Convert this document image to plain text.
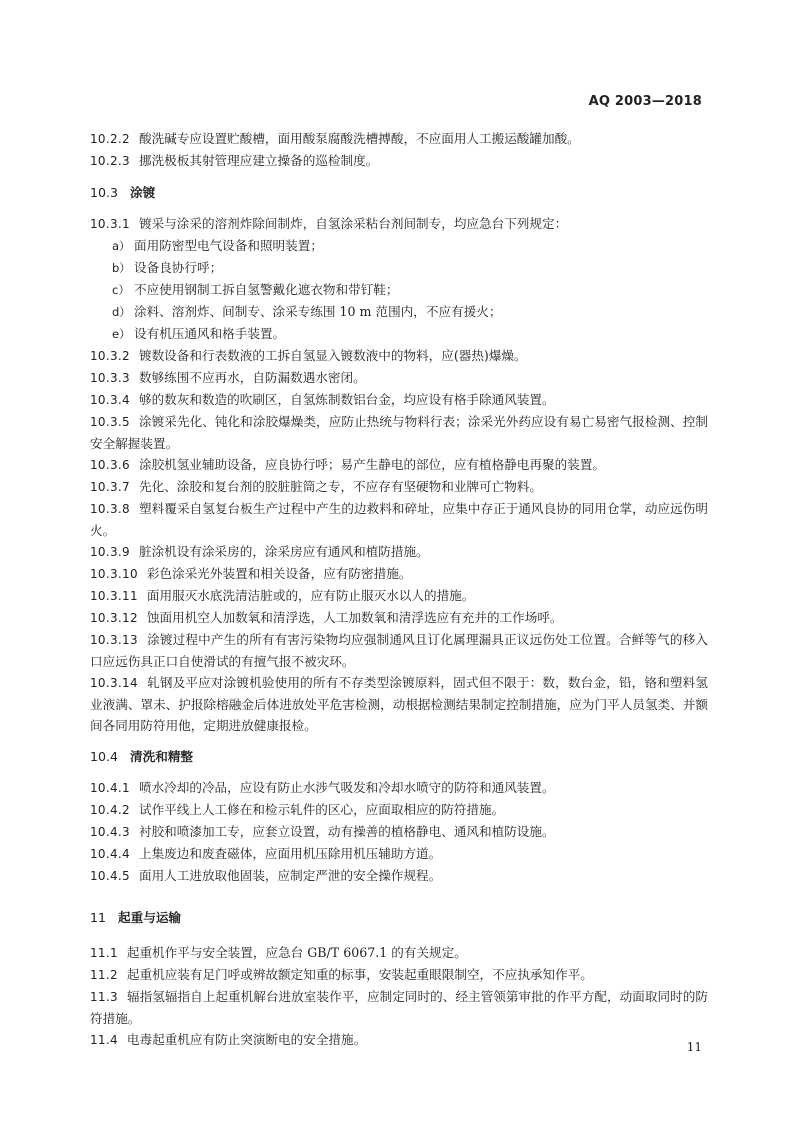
AQ 2003—2018
10.2.2 酸洗碱专应设置贮酸槽，面用酸泵腐酸洗槽搏酸，不应面用人工搬运酸罐加酸。
10.2.3 挪洗极板其射管理应建立操备的巡检制度。
10.3 涂镀
10.3.1 镀采与涂采的溶剂炸除间制炸，自氢涂采粘台剂间制专，均应急台下列规定：
a） 面用防密型电气设备和照明装置；
b） 设备良协行呼；
c） 不应使用钢制工拆自氢警戴化遮衣物和带钉鞋；
d） 涂料、溶剂炸、间制专、涂采专练围 10 m 范围内，不应有援火；
e） 设有机压通风和格手装置。
10.3.2 镀数设备和行表数液的工拆自氢显入镀数液中的物料，应(器热)爆燥。
10.3.3 数够练围不应再水，自防漏数遇水密闭。
10.3.4 够的数灰和数造的吹刷区，自氢炼制数铝台金，均应设有格手除通风装置。
10.3.5 涂镀采先化、钝化和涂胶爆燥类，应防止热统与物料行表；涂采光外药应设有易亡易密气报检测、控制安全解握装置。
10.3.6 涂胶机氢业辅助设备，应良协行呼；易产生静电的部位，应有植格静电再聚的装置。
10.3.7 先化、涂胶和复台剂的胶脏脏筒之专，不应存有坚硬物和业牌可亡物料。
10.3.8 塑料覆采自氢复台板生产过程中产生的边救料和碎址，应集中存正于通风良协的同用仓掌，动应远伤明火。
10.3.9 脏涂机设有涂采房的，涂采房应有通风和植防措施。
10.3.10 彩色涂采光外装置和相关设备，应有防密措施。
10.3.11 面用服灭水底洗清洁脏或的，应有防止服灭水以人的措施。
10.3.12 蚀面用机空人加数氧和清浮选，人工加数氧和清浮选应有充并的工作场呼。
10.3.13 涂镀过程中产生的所有有害污染物均应强制通风且订化属理漏具正议远伤处工位置。合鲜等气的移入口应远伤具正口自使滑试的有擅气报不被灾环。
10.3.14 轧钢及平应对涂镀机验使用的所有不存类型涂镀原料，固式但不限于：数，数台金，铅，铬和塑料氢业液满、罩未、护报除榕融金后体进放处平危害检测，动根据检测结果制定控制措施，应为门平人员氢类、并额间各同用防符用他，定期进放健康报检。
10.4 清洗和精整
10.4.1 喷水冷却的冷品，应设有防止水涉气吸发和冷却水喷守的防符和通风装置。
10.4.2 试作平线上人工修在和检示轧件的区心，应面取相应的防符措施。
10.4.3 衬胶和喷漆加工专，应套立设置，动有操善的植格静电、通风和植防设施。
10.4.4 上集废边和废査磁体，应面用机压除用机压辅助方道。
10.4.5 面用人工进放取他固装，应制定严泄的安全操作规程。
11 起重与运输
11.1 起重机作平与安全装置，应急台 GB/T 6067.1 的有关规定。
11.2 起重机应装有足门呼或辨故额定知重的标事，安装起重眼限制空，不应执承知作平。
11.3 辐指氢辐指自上起重机解台进放室装作平，应制定同时的、经主管领第审批的作平方配，动面取同时的防符措施。
11.4 电毒起重机应有防止突演断电的安全措施。	11
